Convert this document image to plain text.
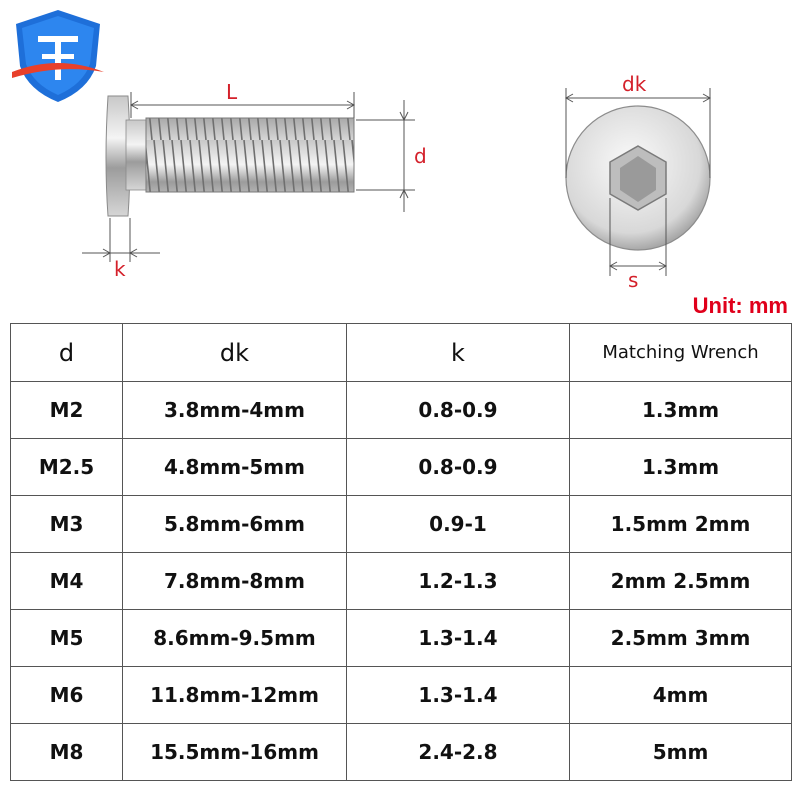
L
d
k
dk
s
Unit: mm
d	dk	k	Matching Wrench
M2	3.8mm-4mm	0.8-0.9	1.3mm
M2.5	4.8mm-5mm	0.8-0.9	1.3mm
M3	5.8mm-6mm	0.9-1	1.5mm 2mm
M4	7.8mm-8mm	1.2-1.3	2mm 2.5mm
M5	8.6mm-9.5mm	1.3-1.4	2.5mm 3mm
M6	11.8mm-12mm	1.3-1.4	4mm
M8	15.5mm-16mm	2.4-2.8	5mm
